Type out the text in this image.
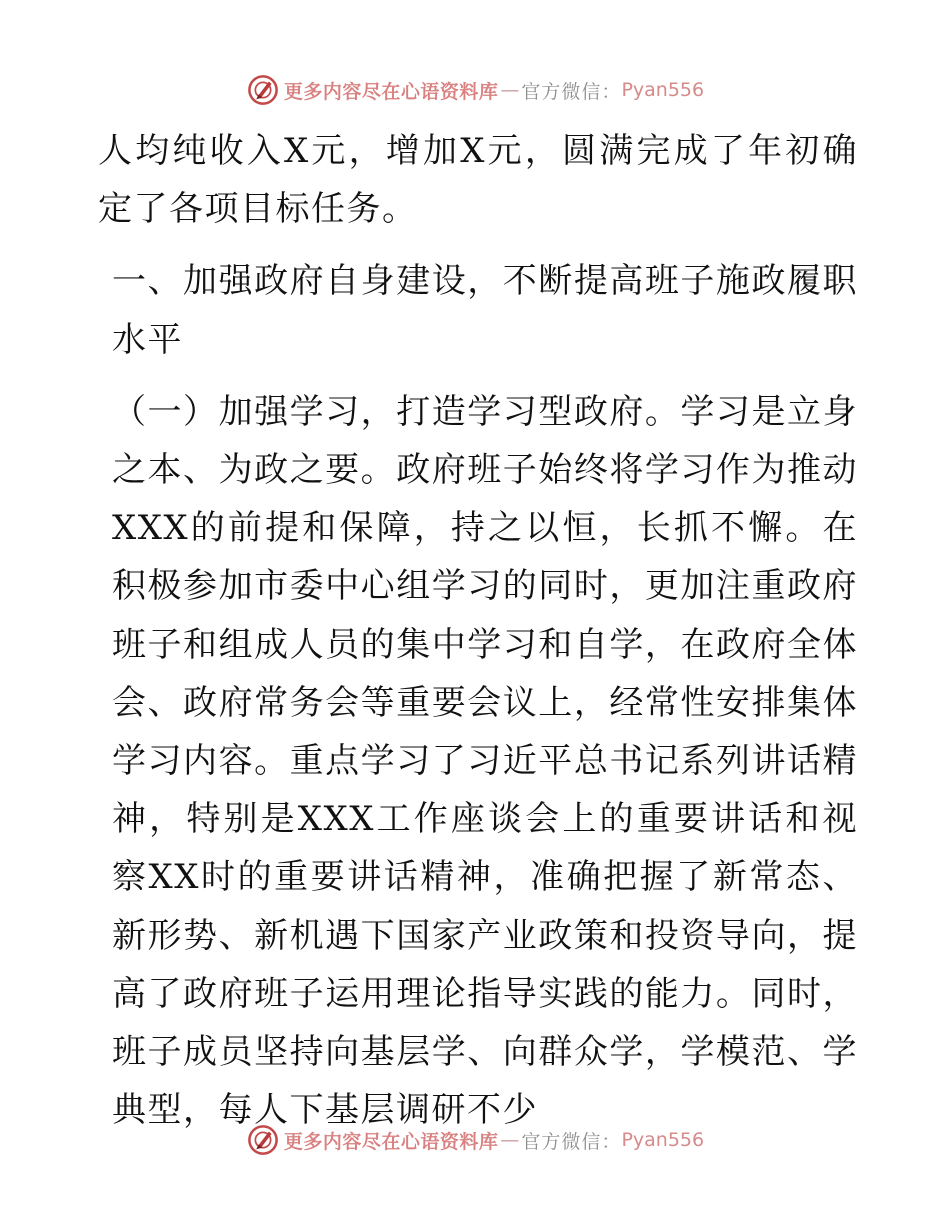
更多内容尽在心语资料库 — 官方微信： Pyan556

人均纯收入X元，增加X元，圆满完成了年初确定了各项目标任务。

一、加强政府自身建设，不断提高班子施政履职水平

（一）加强学习，打造学习型政府。学习是立身之本、为政之要。政府班子始终将学习作为推动XXX的前提和保障，持之以恒，长抓不懈。在积极参加市委中心组学习的同时，更加注重政府班子和组成人员的集中学习和自学，在政府全体会、政府常务会等重要会议上，经常性安排集体学习内容。重点学习了习近平总书记系列讲话精神，特别是XXX工作座谈会上的重要讲话和视察XX时的重要讲话精神，准确把握了新常态、新形势、新机遇下国家产业政策和投资导向，提高了政府班子运用理论指导实践的能力。同时，班子成员坚持向基层学、向群众学，学模范、学典型，每人下基层调研不少

更多内容尽在心语资料库 — 官方微信： Pyan556
